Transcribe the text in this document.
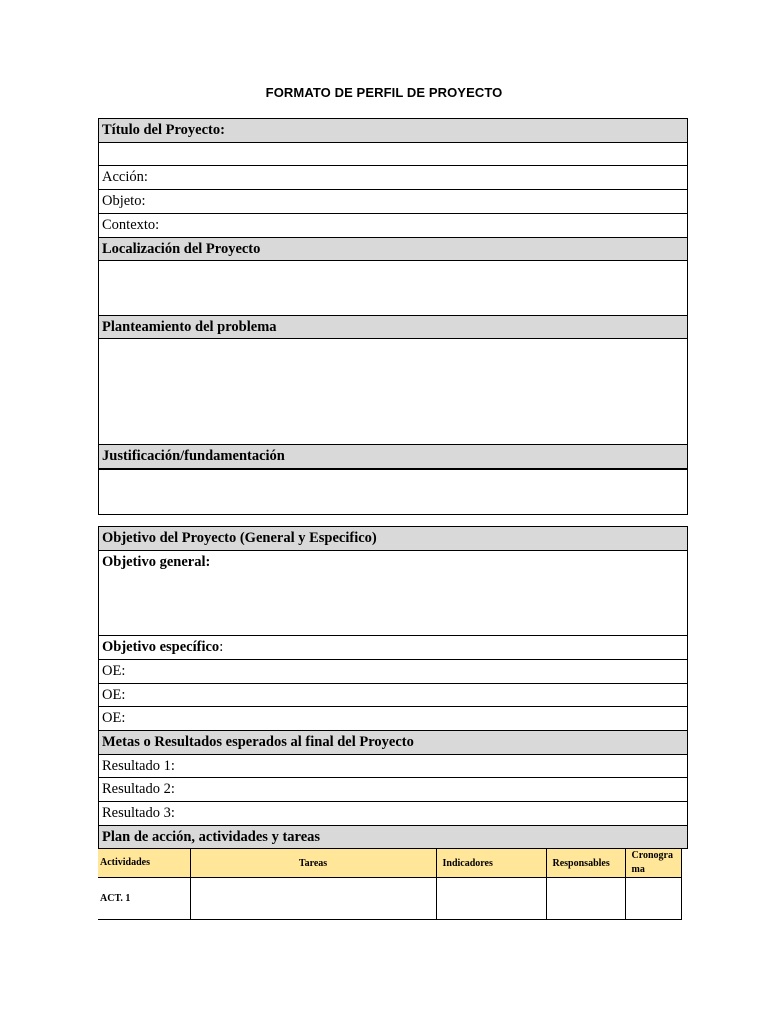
FORMATO DE PERFIL DE PROYECTO
Título del Proyecto:
Acción:
Objeto:
Contexto:
Localización del Proyecto
Planteamiento del problema
Justificación/fundamentación
Objetivo del Proyecto (General y Especifico)
Objetivo general:
Objetivo específico:
OE:
OE:
OE:
Metas o Resultados esperados al final del Proyecto
Resultado 1:
Resultado 2:
Resultado 3:
Plan de acción, actividades y tareas
Actividades	Tareas	Indicadores	Responsables	Cronogra
ma

ACT. 1				
